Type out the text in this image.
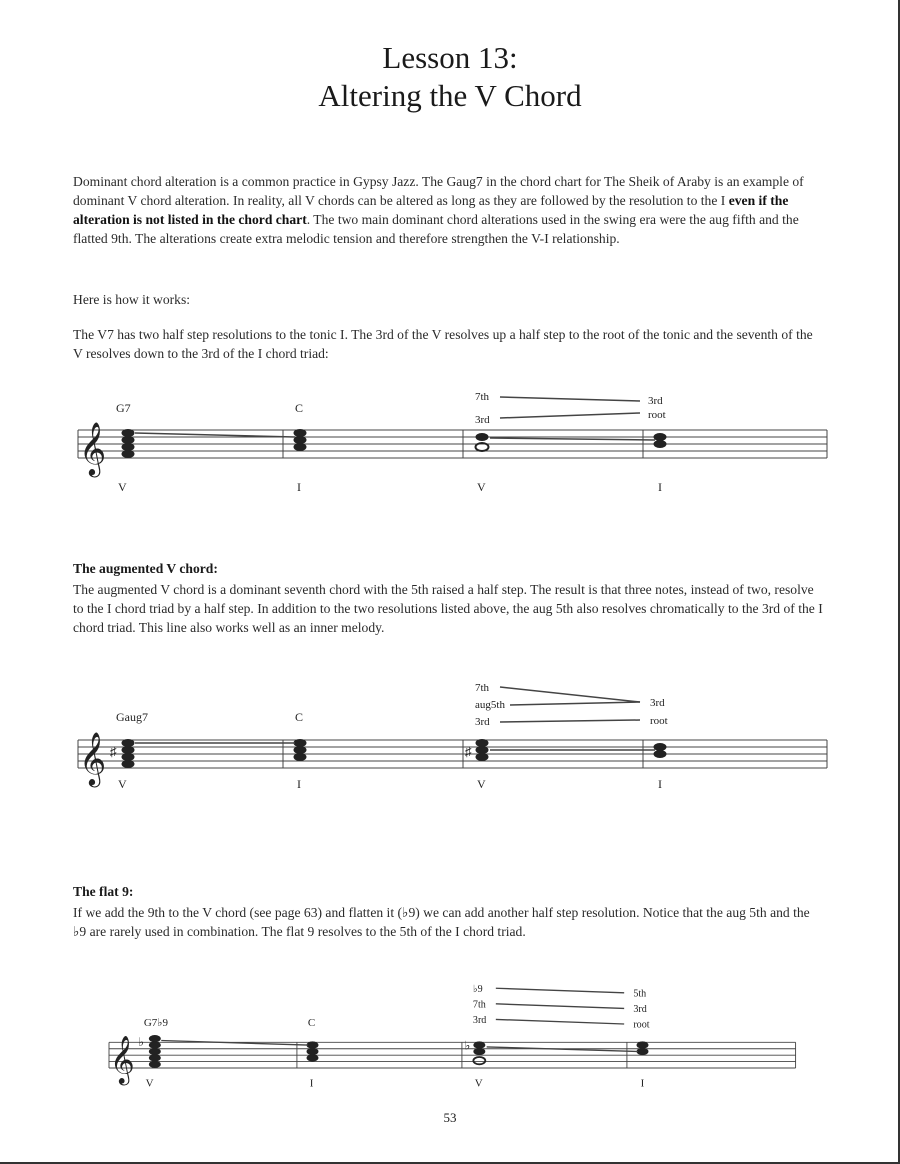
Lesson 13:
Altering the V Chord
Dominant chord alteration is a common practice in Gypsy Jazz. The Gaug7 in the chord chart for The Sheik of Araby is an example of dominant V chord alteration. In reality, all V chords can be altered as long as they are followed by the resolution to the I even if the alteration is not listed in the chord chart. The two main dominant chord alterations used in the swing era were the aug fifth and the flatted 9th. The alterations create extra melodic tension and therefore strengthen the V-I relationship.
Here is how it works:
The V7 has two half step resolutions to the tonic I. The 3rd of the V resolves up a half step to the root of the tonic and the seventh of the V resolves down to the 3rd of the I chord triad:
𝄞
G7	C
7th
3rd
3rd
root
V	I	V	I
The augmented V chord:
The augmented V chord is a dominant seventh chord with the 5th raised a half step. The result is that three notes, instead of two, resolve to the I chord triad by a half step. In addition to the two resolutions listed above, the aug 5th also resolves chromatically to the 3rd of the I chord triad. This line also works well as an inner melody.
𝄞 ♯	♯
Gaug7	C
7th
aug5th
3rd
3rd
root
V	I	V	I
The flat 9:
If we add the 9th to the V chord (see page 63) and flatten it (♭9) we can add another half step resolution. Notice that the aug 5th and the ♭9 are rarely used in combination. The flat 9 resolves to the 5th of the I chord triad.
𝄞 ♭	♭
G7♭9	C
♭9
7th
3rd
5th
3rd
root
V	I	V	I
53
